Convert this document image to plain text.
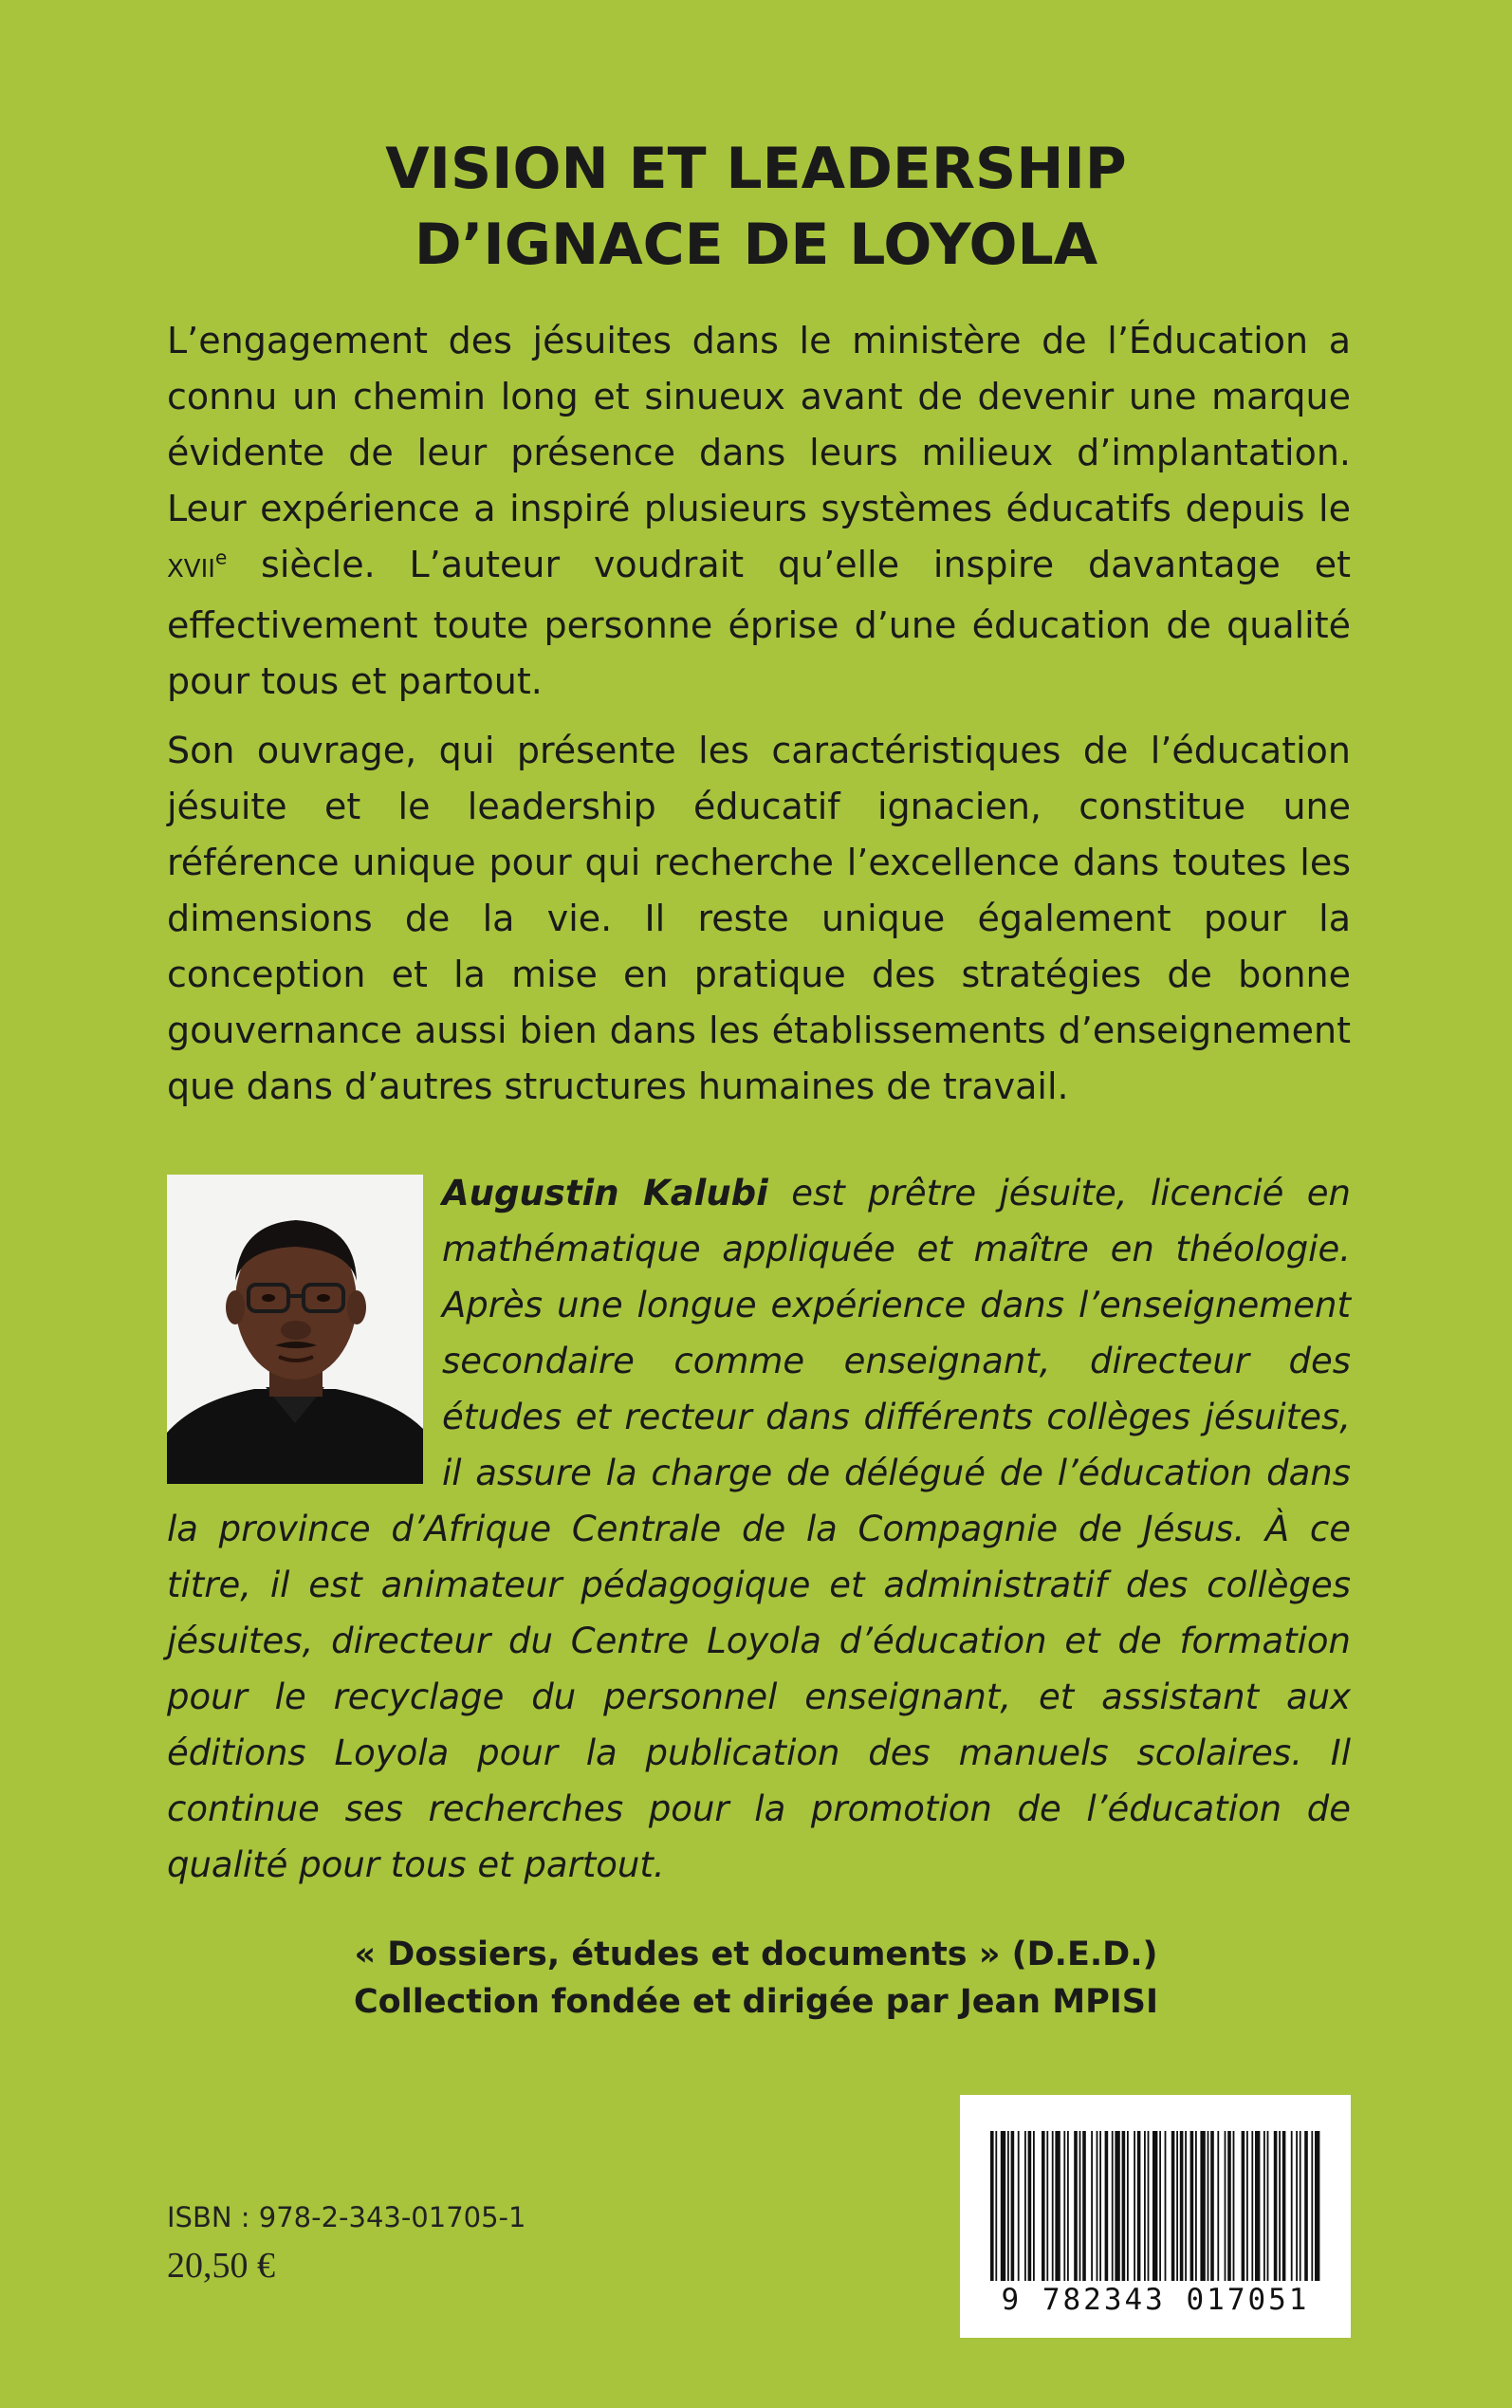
VISION ET LEADERSHIP
D’IGNACE DE LOYOLA

L’engagement des jésuites dans le ministère de l’Éducation a connu un chemin long et sinueux avant de devenir une marque évidente de leur présence dans leurs milieux d’implantation. Leur expérience a inspiré plusieurs systèmes éducatifs depuis le XVIIe siècle. L’auteur voudrait qu’elle inspire davantage et effectivement toute personne éprise d’une éducation de qualité pour tous et partout.

Son ouvrage, qui présente les caractéristiques de l’éducation jésuite et le leadership éducatif ignacien, constitue une référence unique pour qui recherche l’excellence dans toutes les dimensions de la vie. Il reste unique également pour la conception et la mise en pratique des stratégies de bonne gouvernance aussi bien dans les établissements d’enseignement que dans d’autres structures humaines de travail.

Augustin Kalubi est prêtre jésuite, licencié en mathématique appliquée et maître en théologie. Après une longue expérience dans l’enseignement secondaire comme enseignant, directeur des études et recteur dans différents collèges jésuites, il assure la charge de délégué de l’éducation dans la province d’Afrique Centrale de la Compagnie de Jésus. À ce titre, il est animateur pédagogique et administratif des collèges jésuites, directeur du Centre Loyola d’éducation et de formation pour le recyclage du personnel enseignant, et assistant aux éditions Loyola pour la publication des manuels scolaires. Il continue ses recherches pour la promotion de l’éducation de qualité pour tous et partout.

« Dossiers, études et documents » (D.E.D.)
Collection fondée et dirigée par Jean MPISI
9 782343 017051
ISBN : 978-2-343-01705-1
20,50 €
